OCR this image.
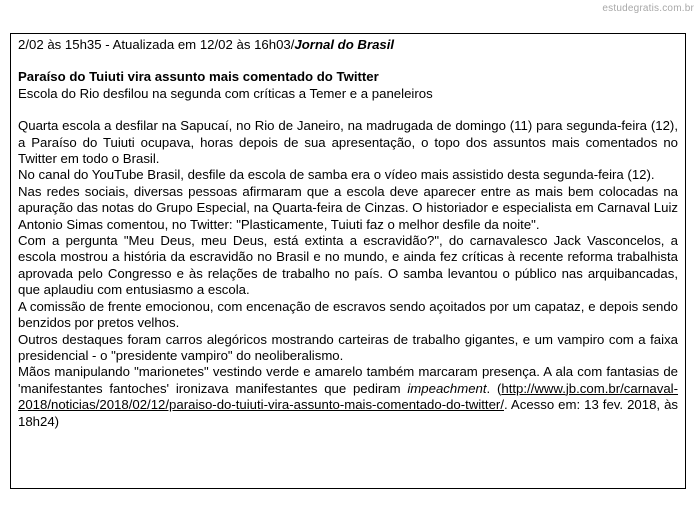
estudegratis.com.br

2/02 às 15h35 - Atualizada em 12/02 às 16h03/Jornal do Brasil

Paraíso do Tuiuti vira assunto mais comentado do Twitter

Escola do Rio desfilou na segunda com críticas a Temer e a paneleiros

Quarta escola a desfilar na Sapucaí, no Rio de Janeiro, na madrugada de domingo (11) para segunda-feira (12), a Paraíso do Tuiuti ocupava, horas depois de sua apresentação, o topo dos assuntos mais comentados no Twitter em todo o Brasil.

No canal do YouTube Brasil, desfile da escola de samba era o vídeo mais assistido desta segunda-feira (12).

Nas redes sociais, diversas pessoas afirmaram que a escola deve aparecer entre as mais bem colocadas na apuração das notas do Grupo Especial, na Quarta-feira de Cinzas. O historiador e especialista em Carnaval Luiz Antonio Simas comentou, no Twitter: "Plasticamente, Tuiuti faz o melhor desfile da noite".

Com a pergunta "Meu Deus, meu Deus, está extinta a escravidão?", do carnavalesco Jack Vasconcelos, a escola mostrou a história da escravidão no Brasil e no mundo, e ainda fez críticas à recente reforma trabalhista aprovada pelo Congresso e às relações de trabalho no país. O samba levantou o público nas arquibancadas, que aplaudiu com entusiasmo a escola.

A comissão de frente emocionou, com encenação de escravos sendo açoitados por um capataz, e depois sendo benzidos por pretos velhos.

Outros destaques foram carros alegóricos mostrando carteiras de trabalho gigantes, e um vampiro com a faixa presidencial - o "presidente vampiro" do neoliberalismo.

Mãos manipulando "marionetes" vestindo verde e amarelo também marcaram presença. A ala com fantasias de 'manifestantes fantoches' ironizava manifestantes que pediram impeachment. (http://www.jb.com.br/carnaval-2018/noticias/2018/02/12/paraiso-do-tuiuti-vira-assunto-mais-comentado-do-twitter/. Acesso em: 13 fev. 2018, às 18h24)
